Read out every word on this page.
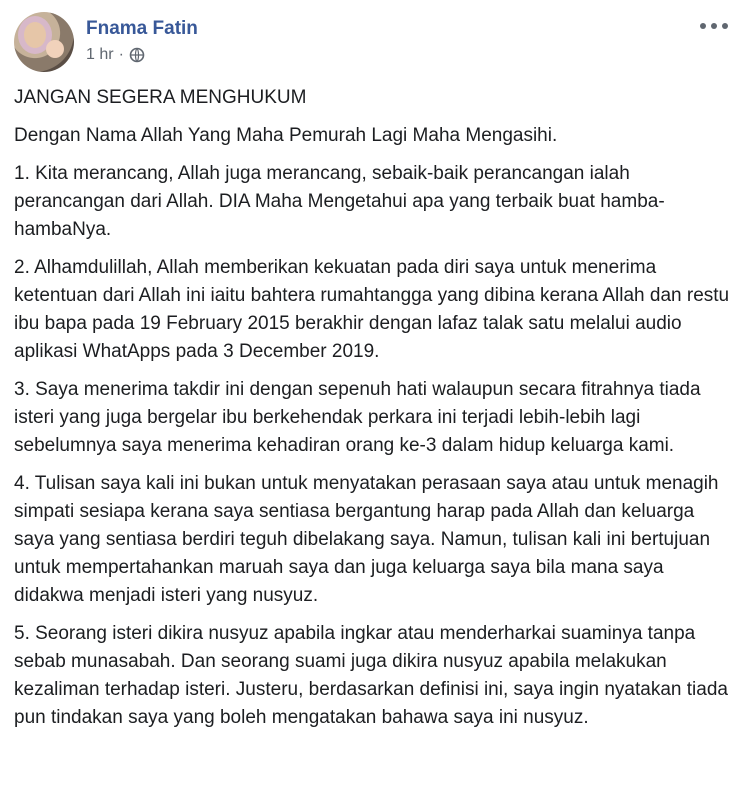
Fnama Fatin
1 hr ·

JANGAN SEGERA MENGHUKUM

Dengan Nama Allah Yang Maha Pemurah Lagi Maha Mengasihi.

1. Kita merancang, Allah juga merancang, sebaik-baik perancangan ialah perancangan dari Allah. DIA Maha Mengetahui apa yang terbaik buat hamba-hambaNya.

2. Alhamdulillah, Allah memberikan kekuatan pada diri saya untuk menerima ketentuan dari Allah ini iaitu bahtera rumahtangga yang dibina kerana Allah dan restu ibu bapa pada 19 February 2015 berakhir dengan lafaz talak satu melalui audio aplikasi WhatApps pada 3 December 2019.

3. Saya menerima takdir ini dengan sepenuh hati walaupun secara fitrahnya tiada isteri yang juga bergelar ibu berkehendak perkara ini terjadi lebih-lebih lagi sebelumnya saya menerima kehadiran orang ke-3 dalam hidup keluarga kami.

4. Tulisan saya kali ini bukan untuk menyatakan perasaan saya atau untuk menagih simpati sesiapa kerana saya sentiasa bergantung harap pada Allah dan keluarga saya yang sentiasa berdiri teguh dibelakang saya. Namun, tulisan kali ini bertujuan untuk mempertahankan maruah saya dan juga keluarga saya bila mana saya didakwa menjadi isteri yang nusyuz.

5. Seorang isteri dikira nusyuz apabila ingkar atau menderharkai suaminya tanpa sebab munasabah. Dan seorang suami juga dikira nusyuz apabila melakukan kezaliman terhadap isteri. Justeru, berdasarkan definisi ini, saya ingin nyatakan tiada pun tindakan saya yang boleh mengatakan bahawa saya ini nusyuz.
